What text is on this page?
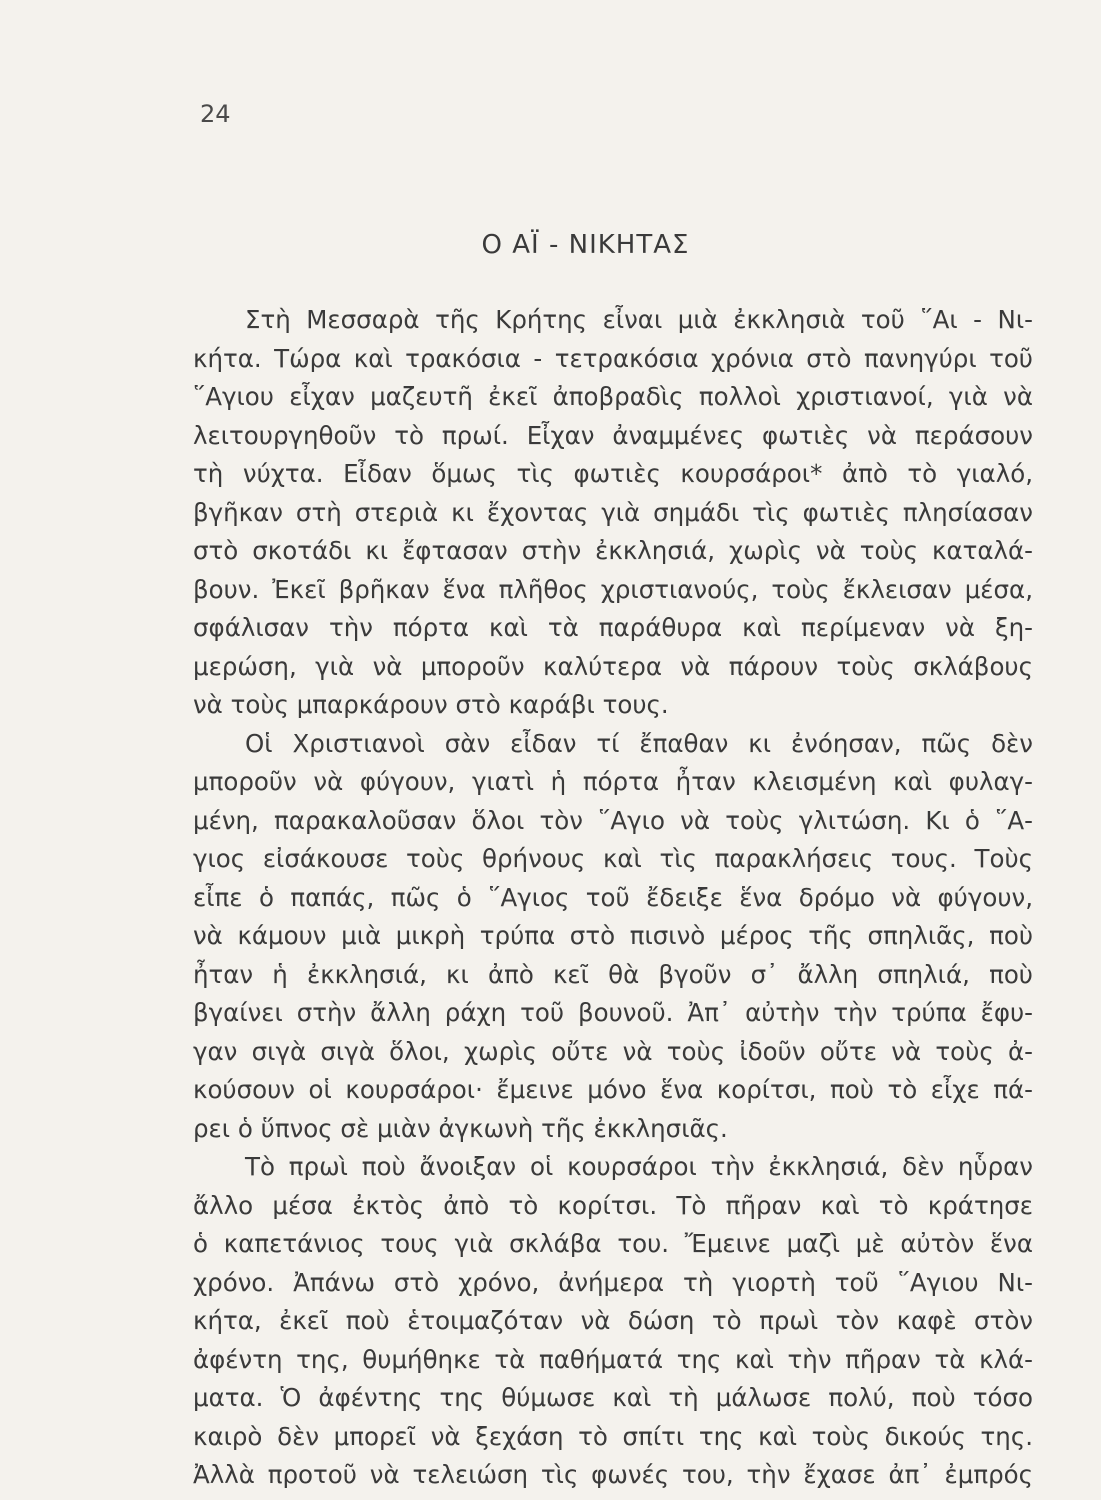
24
Ο ΑΪ - ΝΙΚΗΤΑΣ
Στὴ Μεσσαρὰ τῆς Κρήτης εἶναι μιὰ ἐκκλησιὰ τοῦ ῞Αι - Νι-
κήτα. Τώρα καὶ τρακόσια - τετρακόσια χρόνια στὸ πανηγύρι τοῦ
῞Αγιου εἶχαν μαζευτῆ ἐκεῖ ἀποβραδὶς πολλοὶ χριστιανοί, γιὰ νὰ
λειτουργηθοῦν τὸ πρωί. Εἶχαν ἀναμμένες φωτιὲς νὰ περάσουν
τὴ νύχτα. Εἶδαν ὅμως τὶς φωτιὲς κουρσάροι* ἀπὸ τὸ γιαλό,
βγῆκαν στὴ στεριὰ κι ἔχοντας γιὰ σημάδι τὶς φωτιὲς πλησίασαν
στὸ σκοτάδι κι ἔφτασαν στὴν ἐκκλησιά, χωρὶς νὰ τοὺς καταλά-
βουν. Ἐκεῖ βρῆκαν ἕνα πλῆθος χριστιανούς, τοὺς ἔκλεισαν μέσα,
σφάλισαν τὴν πόρτα καὶ τὰ παράθυρα καὶ περίμεναν νὰ ξη-
μερώση, γιὰ νὰ μποροῦν καλύτερα νὰ πάρουν τοὺς σκλάβους
νὰ τοὺς μπαρκάρουν στὸ καράβι τους.
Οἱ Χριστιανοὶ σὰν εἶδαν τί ἔπαθαν κι ἐνόησαν, πῶς δὲν
μποροῦν νὰ φύγουν, γιατὶ ἡ πόρτα ἦταν κλεισμένη καὶ φυλαγ-
μένη, παρακαλοῦσαν ὅλοι τὸν ῞Αγιο νὰ τοὺς γλιτώση. Κι ὁ ῞Α-
γιος εἰσάκουσε τοὺς θρήνους καὶ τὶς παρακλήσεις τους. Τοὺς
εἶπε ὁ παπάς, πῶς ὁ ῞Αγιος τοῦ ἔδειξε ἕνα δρόμο νὰ φύγουν,
νὰ κάμουν μιὰ μικρὴ τρύπα στὸ πισινὸ μέρος τῆς σπηλιᾶς, ποὺ
ἦταν ἡ ἐκκλησιά, κι ἀπὸ κεῖ θὰ βγοῦν σ᾿ ἄλλη σπηλιά, ποὺ
βγαίνει στὴν ἄλλη ράχη τοῦ βουνοῦ. Ἀπ᾿ αὐτὴν τὴν τρύπα ἔφυ-
γαν σιγὰ σιγὰ ὅλοι, χωρὶς οὔτε νὰ τοὺς ἰδοῦν οὔτε νὰ τοὺς ἀ-
κούσουν οἱ κουρσάροι· ἔμεινε μόνο ἕνα κορίτσι, ποὺ τὸ εἶχε πά-
ρει ὁ ὕπνος σὲ μιὰν ἀγκωνὴ τῆς ἐκκλησιᾶς.
Τὸ πρωὶ ποὺ ἄνοιξαν οἱ κουρσάροι τὴν ἐκκλησιά, δὲν ηὗραν
ἄλλο μέσα ἐκτὸς ἀπὸ τὸ κορίτσι. Τὸ πῆραν καὶ τὸ κράτησε
ὁ καπετάνιος τους γιὰ σκλάβα του. Ἔμεινε μαζὶ μὲ αὐτὸν ἕνα
χρόνο. Ἀπάνω στὸ χρόνο, ἀνήμερα τὴ γιορτὴ τοῦ ῞Αγιου Νι-
κήτα, ἐκεῖ ποὺ ἑτοιμαζόταν νὰ δώση τὸ πρωὶ τὸν καφὲ στὸν
ἀφέντη της, θυμήθηκε τὰ παθήματά της καὶ τὴν πῆραν τὰ κλά-
ματα. Ὁ ἀφέντης της θύμωσε καὶ τὴ μάλωσε πολύ, ποὺ τόσο
καιρὸ δὲν μπορεῖ νὰ ξεχάση τὸ σπίτι της καὶ τοὺς δικούς της.
Ἀλλὰ προτοῦ νὰ τελειώση τὶς φωνές του, τὴν ἔχασε ἀπ᾿ ἐμπρός
